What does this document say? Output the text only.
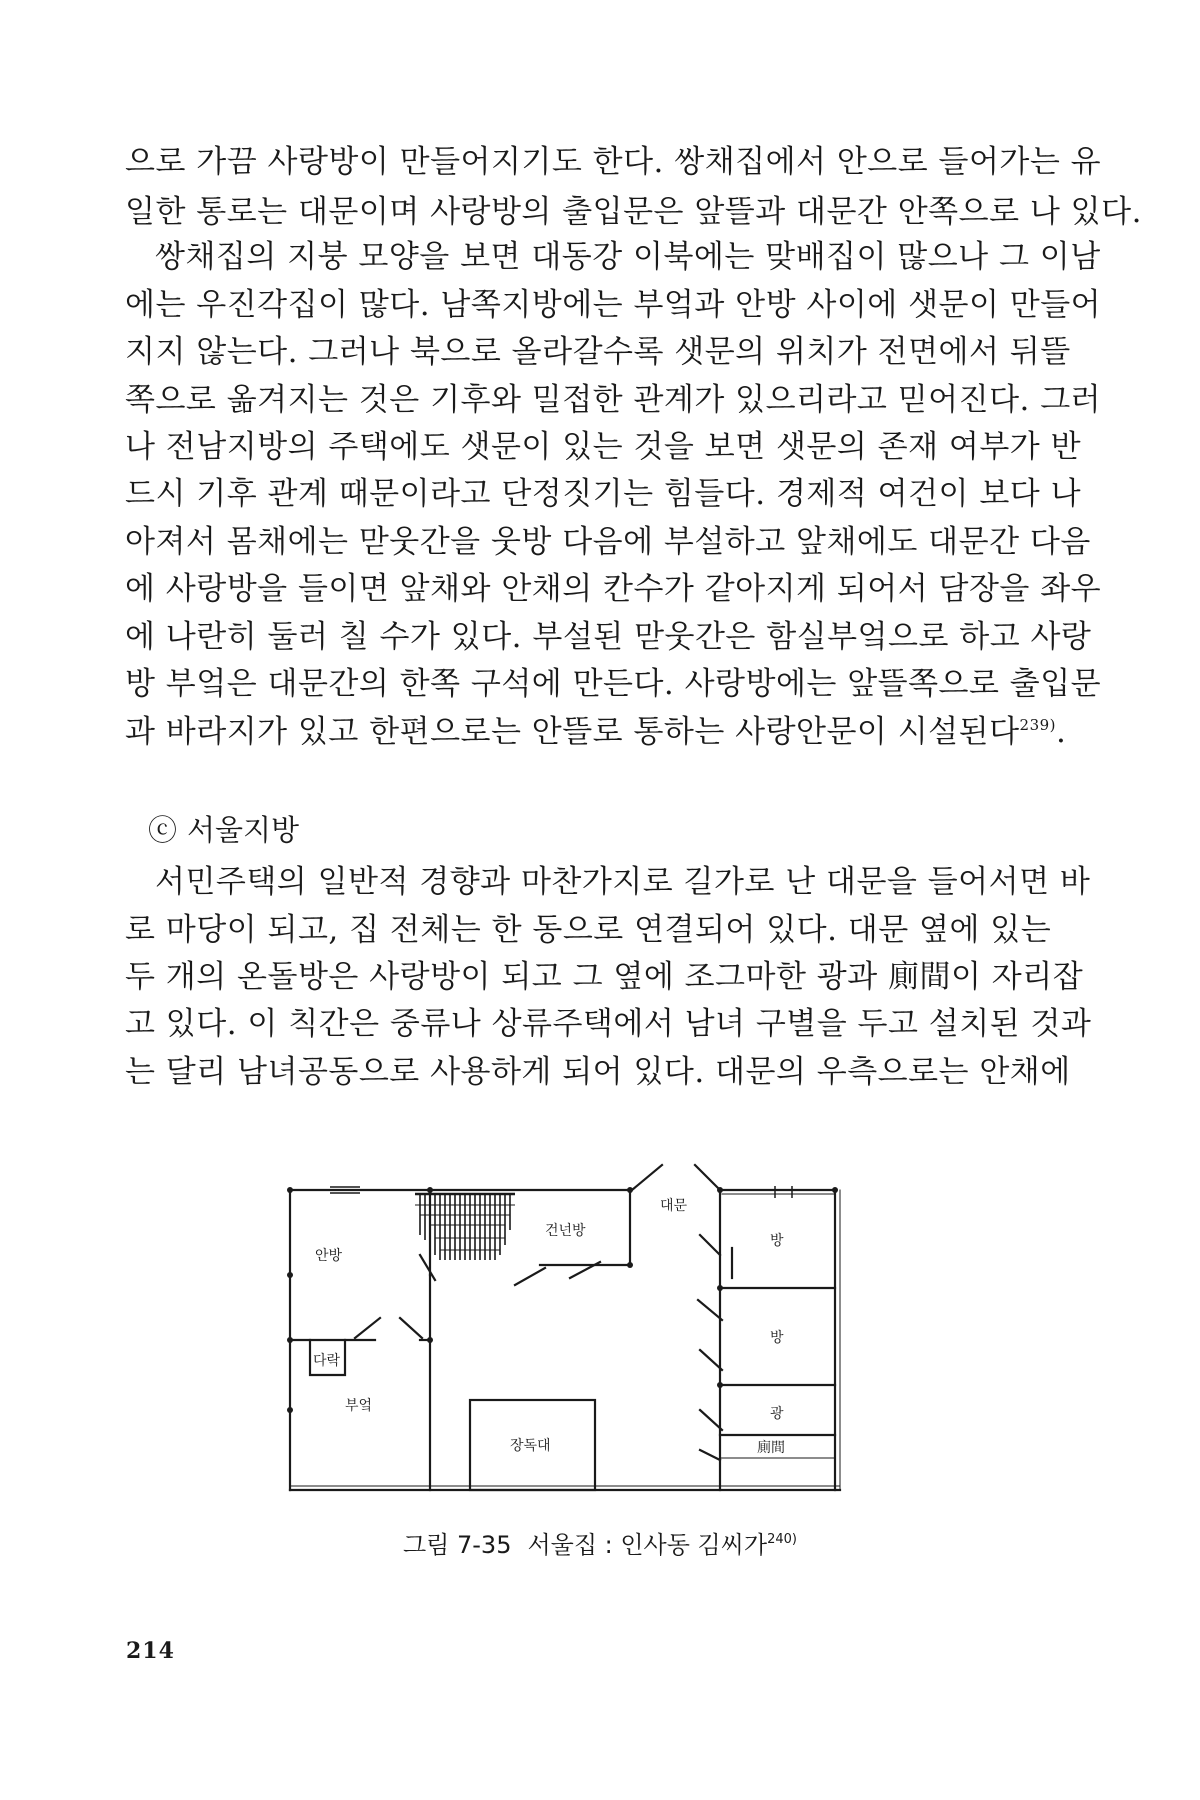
으로 가끔 사랑방이 만들어지기도 한다. 쌍채집에서 안으로 들어가는 유
일한 통로는 대문이며 사랑방의 출입문은 앞뜰과 대문간 안쪽으로 나 있다.
쌍채집의 지붕 모양을 보면 대동강 이북에는 맞배집이 많으나 그 이남
에는 우진각집이 많다. 남쪽지방에는 부엌과 안방 사이에 샛문이 만들어
지지 않는다. 그러나 북으로 올라갈수록 샛문의 위치가 전면에서 뒤뜰
쪽으로 옮겨지는 것은 기후와 밀접한 관계가 있으리라고 믿어진다. 그러
나 전남지방의 주택에도 샛문이 있는 것을 보면 샛문의 존재 여부가 반
드시 기후 관계 때문이라고 단정짓기는 힘들다. 경제적 여건이 보다 나
아져서 몸채에는 맏웃간을 웃방 다음에 부설하고 앞채에도 대문간 다음
에 사랑방을 들이면 앞채와 안채의 칸수가 같아지게 되어서 담장을 좌우
에 나란히 둘러 칠 수가 있다. 부설된 맏웃간은 함실부엌으로 하고 사랑
방 부엌은 대문간의 한쪽 구석에 만든다. 사랑방에는 앞뜰쪽으로 출입문
과 바라지가 있고 한편으로는 안뜰로 통하는 사랑안문이 시설된다$^{239)}$.
ⓒ 서울지방
서민주택의 일반적 경향과 마찬가지로 길가로 난 대문을 들어서면 바
로 마당이 되고, 집 전체는 한 동으로 연결되어 있다. 대문 옆에 있는
두 개의 온돌방은 사랑방이 되고 그 옆에 조그마한 광과 廁間이 자리잡
고 있다. 이 칙간은 중류나 상류주택에서 남녀 구별을 두고 설치된 것과
는 달리 남녀공동으로 사용하게 되어 있다. 대문의 우측으로는 안채에
안방
건넌방
대문
방
방
다락
부엌
장독대
광
廁間
그림 7-35 서울집 : 인사동 김씨가$^{240)}$
214
